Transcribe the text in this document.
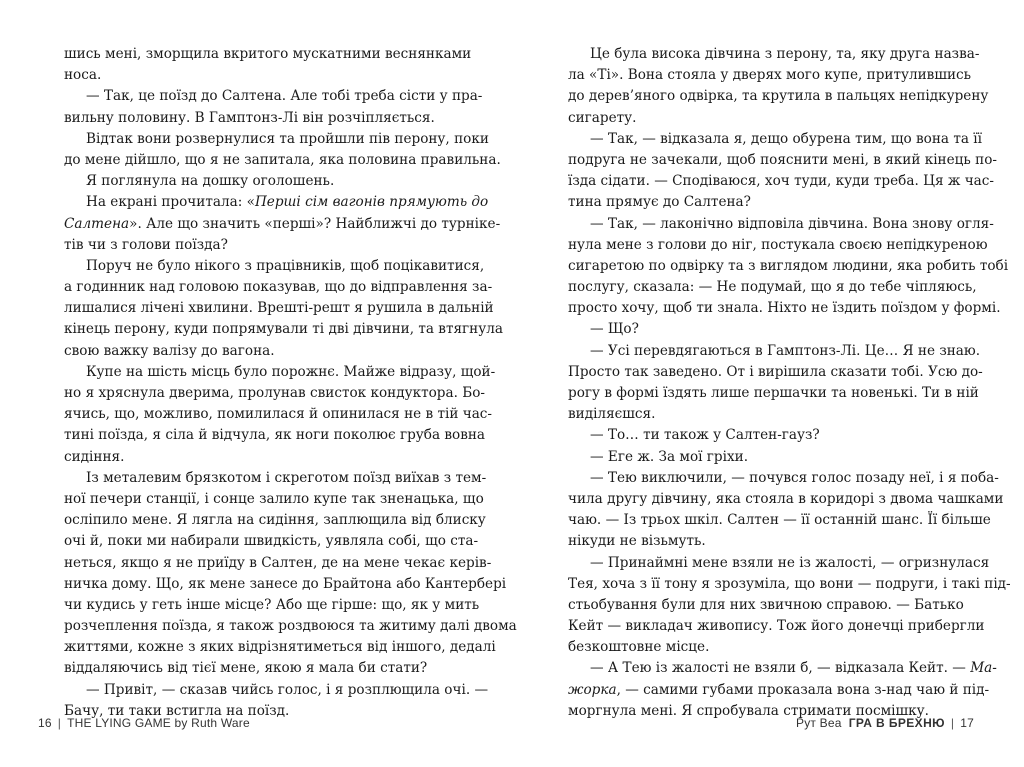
шись мені, зморщила вкритого мускатними веснянками
носа.
— Так, це поїзд до Салтена. Але тобі треба сісти у пра-
вильну половину. В Гамптонз-Лі він розчіпляється.
Відтак вони розвернулися та пройшли пів перону, поки
до мене дійшло, що я не запитала, яка половина правильна.
Я поглянула на дошку оголошень.
На екрані прочитала: «Перші сім вагонів прямують до
Салтена». Але що значить «перші»? Найближчі до турніке-
тів чи з голови поїзда?
Поруч не було нікого з працівників, щоб поцікавитися,
а годинник над головою показував, що до відправлення за-
лишалися лічені хвилини. Врешті-решт я рушила в дальній
кінець перону, куди попрямували ті дві дівчини, та втягнула
свою важку валізу до вагона.
Купе на шість місць було порожнє. Майже відразу, щой-
но я хряснула дверима, пролунав свисток кондуктора. Бо-
ячись, що, можливо, помилилася й опинилася не в тій час-
тині поїзда, я сіла й відчула, як ноги поколює груба вовна
сидіння.
Із металевим брязкотом і скреготом поїзд виїхав з тем-
ної печери станції, і сонце залило купе так зненацька, що
осліпило мене. Я лягла на сидіння, заплющила від блиску
очі й, поки ми набирали швидкість, уявляла собі, що ста-
неться, якщо я не приїду в Салтен, де на мене чекає керів-
ничка дому. Що, як мене занесе до Брайтона або Кантербері
чи кудись у геть інше місце? Або ще гірше: що, як у мить
розчеплення поїзда, я також роздвоюся та житиму далі двома
життями, кожне з яких відрізнятиметься від іншого, дедалі
віддаляючись від тієї мене, якою я мала би стати?
— Привіт, — сказав чийсь голос, і я розплющила очі. —
Бачу, ти таки встигла на поїзд.
Це була висока дівчина з перону, та, яку друга назва-
ла «Ті». Вона стояла у дверях мого купе, притулившись
до дерев’яного одвірка, та крутила в пальцях непідкурену
сигарету.
— Так, — відказала я, дещо обурена тим, що вона та її
подруга не зачекали, щоб пояснити мені, в який кінець по-
їзда сідати. — Сподіваюся, хоч туди, куди треба. Ця ж час-
тина прямує до Салтена?
— Так, — лаконічно відповіла дівчина. Вона знову огля-
нула мене з голови до ніг, постукала своєю непідкуреною
сигаретою по одвірку та з виглядом людини, яка робить тобі
послугу, сказала: — Не подумай, що я до тебе чіпляюсь,
просто хочу, щоб ти знала. Ніхто не їздить поїздом у формі.
— Що?
— Усі перевдягаються в Гамптонз-Лі. Це… Я не знаю.
Просто так заведено. От і вирішила сказати тобі. Усю до-
рогу в формі їздять лише першачки та новенькі. Ти в ній
виділяєшся.
— То… ти також у Салтен-гауз?
— Еге ж. За мої гріхи.
— Тею виключили, — почувся голос позаду неї, і я поба-
чила другу дівчину, яка стояла в коридорі з двома чашками
чаю. — Із трьох шкіл. Салтен — її останній шанс. Її більше
нікуди не візьмуть.
— Принаймні мене взяли не із жалості, — огризнулася
Тея, хоча з її тону я зрозуміла, що вони — подруги, і такі під-
стьобування були для них звичною справою. — Батько
Кейт — викладач живопису. Тож його донечці прибергли
безкоштовне місце.
— А Тею із жалості не взяли б, — відказала Кейт. — Ма-
жорка, — самими губами проказала вона з-над чаю й під-
моргнула мені. Я спробувала стримати посмішку.
16 | THE LYING GAME by Ruth Ware	Рут Веа ГРА В БРЕХНЮ | 17
